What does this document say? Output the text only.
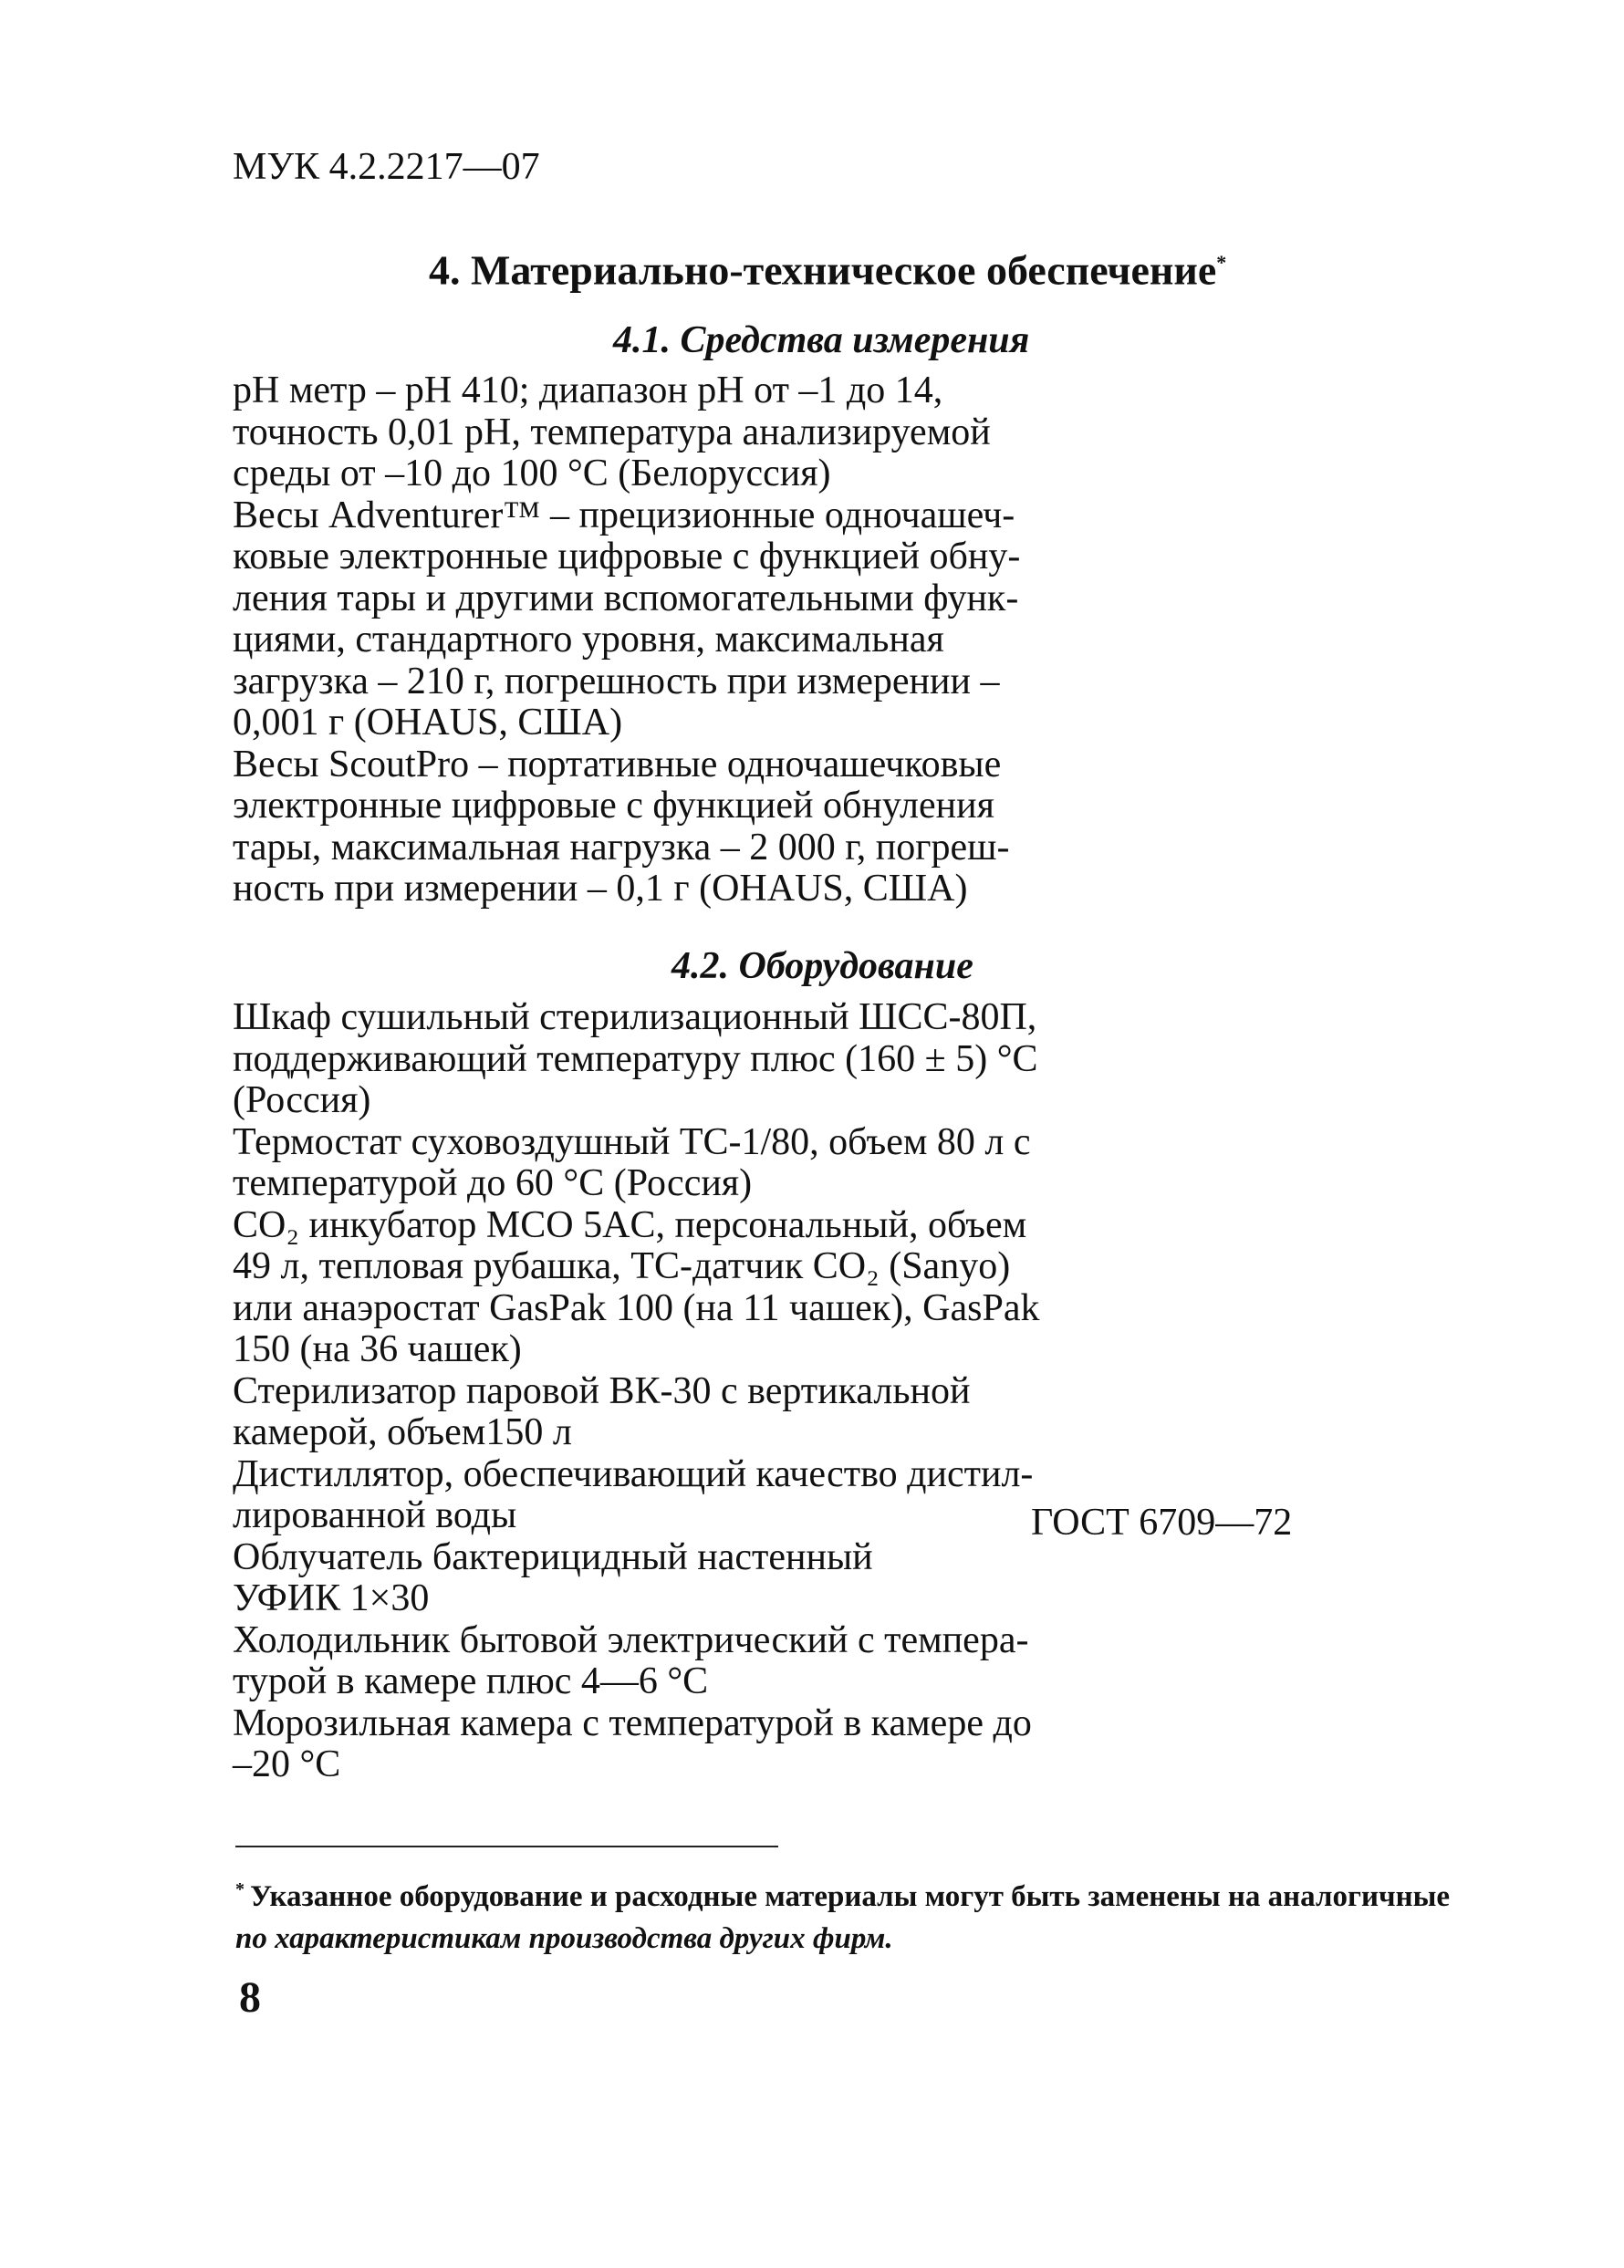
МУК 4.2.2217—07
4. Материально-техническое обеспечение*
4.1. Средства измерения

pH метр – pH 410; диапазон pH от –1 до 14,

точность 0,01 pH, температура анализируемой

среды от –10 до 100 °С (Белоруссия)

Весы Adventurer™ – прецизионные одночашеч-

ковые электронные цифровые с функцией обну-

ления тары и другими вспомогательными функ-

циями, стандартного уровня, максимальная

загрузка – 210 г, погрешность при измерении –

0,001 г (OHAUS, США)

Весы ScoutPro – портативные одночашечковые

электронные цифровые с функцией обнуления

тары, максимальная нагрузка – 2 000 г, погреш-

ность при измерении – 0,1 г (OHAUS, США)

4.2. Оборудование

Шкаф сушильный стерилизационный ШСС-80П,

поддерживающий температуру плюс (160 ± 5) °С

(Россия)

Термостат суховоздушный ТС-1/80, объем 80 л с

температурой до 60 °С (Россия)

CO₂ инкубатор MCO 5AC, персональный, объем

49 л, тепловая рубашка, ТС-датчик CO₂ (Sanyo)

или анаэростат GasPak 100 (на 11 чашек), GasPak

150 (на 36 чашек)

Стерилизатор паровой ВК-30 с вертикальной

камерой, объем150 л

Дистиллятор, обеспечивающий качество дистил-

лированной воды

Облучатель бактерицидный настенный

УФИК 1×30

Холодильник бытовой электрический с темпера-

турой в камере плюс 4—6 °С

Морозильная камера с температурой в камере до

–20 °С

ГОСТ 6709—72

* Указанное оборудование и расходные материалы могут быть заменены на аналогичные

по характеристикам производства других фирм.

8
